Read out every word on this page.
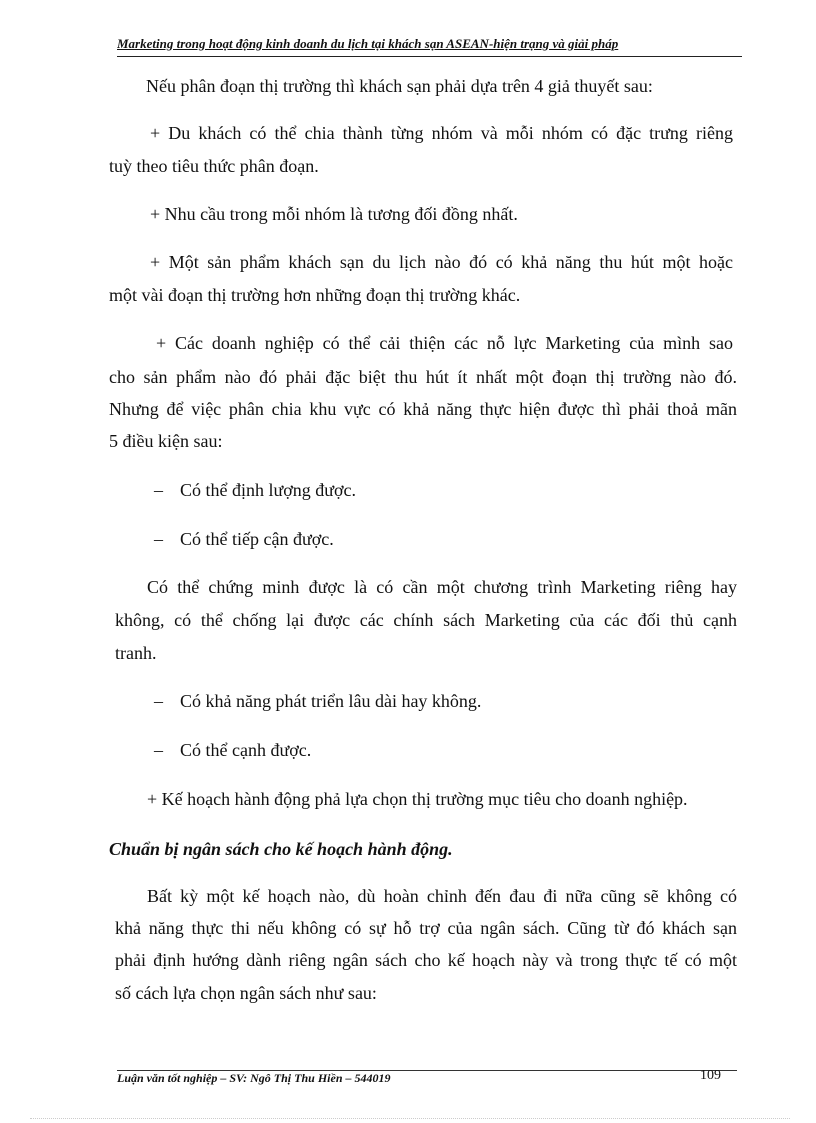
Marketing trong hoạt động kinh doanh du lịch tại khách sạn ASEAN-hiện trạng và giải pháp
Nếu phân đoạn thị trường thì khách sạn phải dựa trên 4 giả thuyết sau:
+ Du khách có thể chia thành từng nhóm và mỗi nhóm có đặc trưng riêng
tuỳ theo tiêu thức phân đoạn.
+ Nhu cầu trong mỗi nhóm là tương đối đồng nhất.
+ Một sản phẩm khách sạn du lịch nào đó có khả năng thu hút một hoặc
một vài đoạn thị trường hơn những đoạn thị trường khác.
+ Các doanh nghiệp có thể cải thiện các nỗ lực Marketing của mình sao
cho sản phẩm nào đó phải đặc biệt thu hút ít nhất một đoạn thị trường nào đó.
Nhưng để việc phân chia khu vực có khả năng thực hiện được thì phải thoả mãn
5 điều kiện sau:
– Có thể định lượng được.
– Có thể tiếp cận được.
Có thể chứng minh được là có cần một chương trình Marketing riêng hay
không, có thể chống lại được các chính sách Marketing của các đối thủ cạnh
tranh.
– Có khả năng phát triển lâu dài hay không.
– Có thể cạnh được.
+ Kế hoạch hành động phả lựa chọn thị trường mục tiêu cho doanh nghiệp.
Chuẩn bị ngân sách cho kế hoạch hành động.
Bất kỳ một kế hoạch nào, dù hoàn chỉnh đến đau đi nữa cũng sẽ không có
khả năng thực thi nếu không có sự hỗ trợ của ngân sách. Cũng từ đó khách sạn
phải định hướng dành riêng ngân sách cho kế hoạch này và trong thực tế có một
số cách lựa chọn ngân sách như sau:
Luận văn tốt nghiệp – SV: Ngô Thị Thu Hiền – 544019	109
